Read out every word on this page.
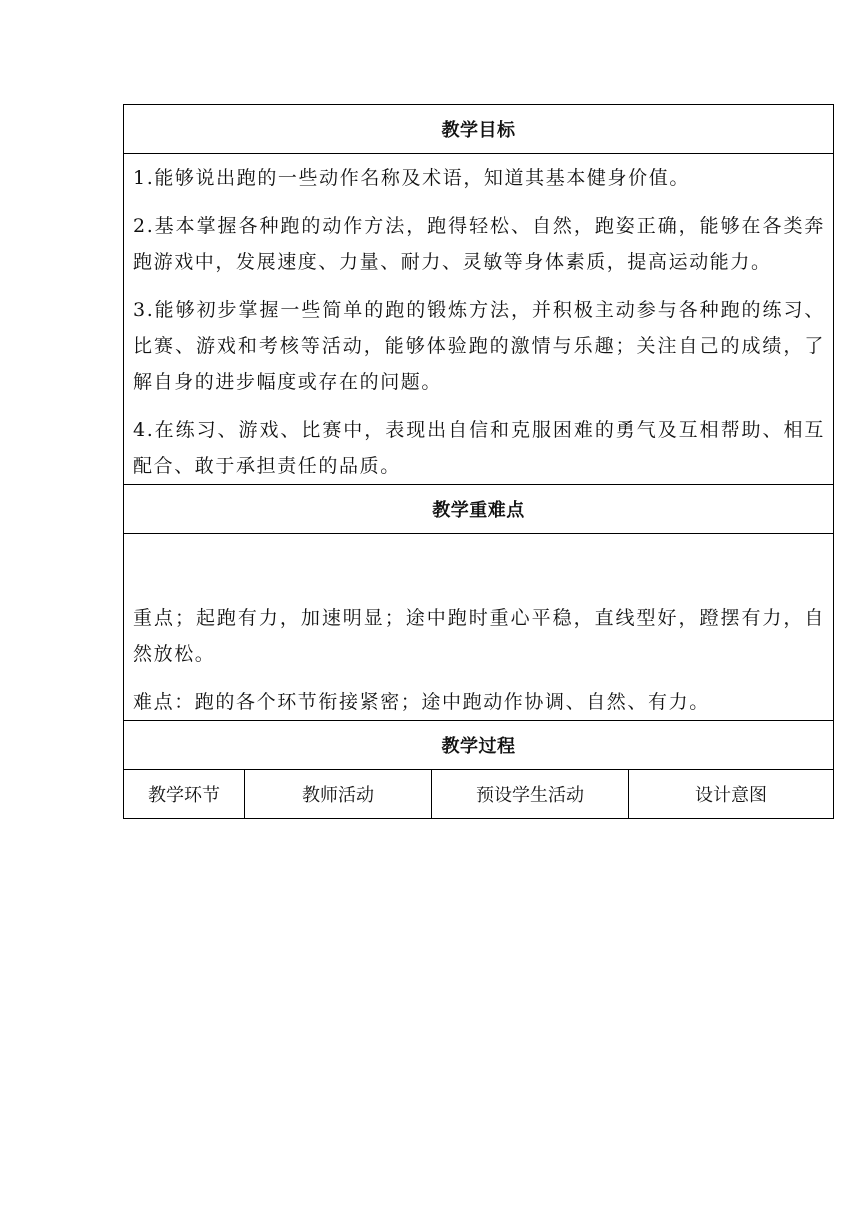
教学目标

1.能够说出跑的一些动作名称及术语，知道其基本健身价值。

2.基本掌握各种跑的动作方法，跑得轻松、自然，跑姿正确，能够在各类奔跑游戏中，发展速度、力量、耐力、灵敏等身体素质，提高运动能力。

3.能够初步掌握一些简单的跑的锻炼方法，并积极主动参与各种跑的练习、比赛、游戏和考核等活动，能够体验跑的激情与乐趣；关注自己的成绩，了解自身的进步幅度或存在的问题。

4.在练习、游戏、比赛中，表现出自信和克服困难的勇气及互相帮助、相互配合、敢于承担责任的品质。

教学重难点

重点；起跑有力，加速明显；途中跑时重心平稳，直线型好，蹬摆有力，自然放松。

难点：跑的各个环节衔接紧密；途中跑动作协调、自然、有力。

教学过程
教学环节	教师活动	预设学生活动	设计意图
